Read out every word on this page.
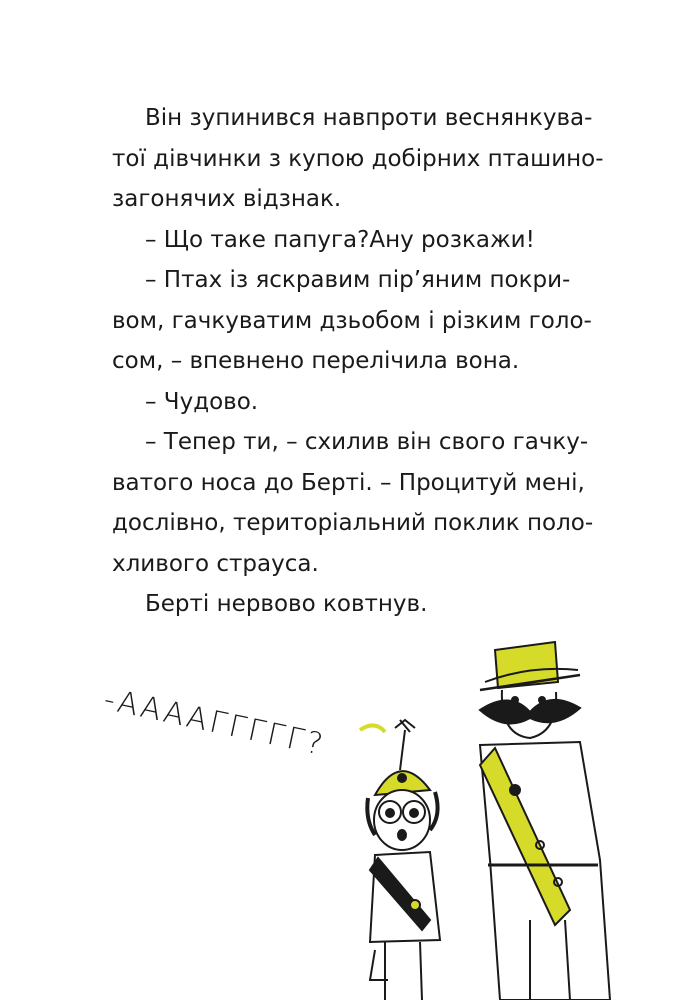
Він зупинився навпроти веснянкува-
тої дівчинки з купою добірних пташино-
загонячих відзнак.
– Що таке папуга?Ану розкажи!
– Птах із яскравим пір’яним покри-
вом, гачкуватим дзьобом і різким голо-
сом, – впевнено перелічила вона.
– Чудово.
– Тепер ти, – схилив він свого гачку-
ватого носа до Берті. – Процитуй мені,
дослівно, територіальний поклик поло-
хливого страуса.
Берті нервово ковтнув.
-ААААГГГГГ?
